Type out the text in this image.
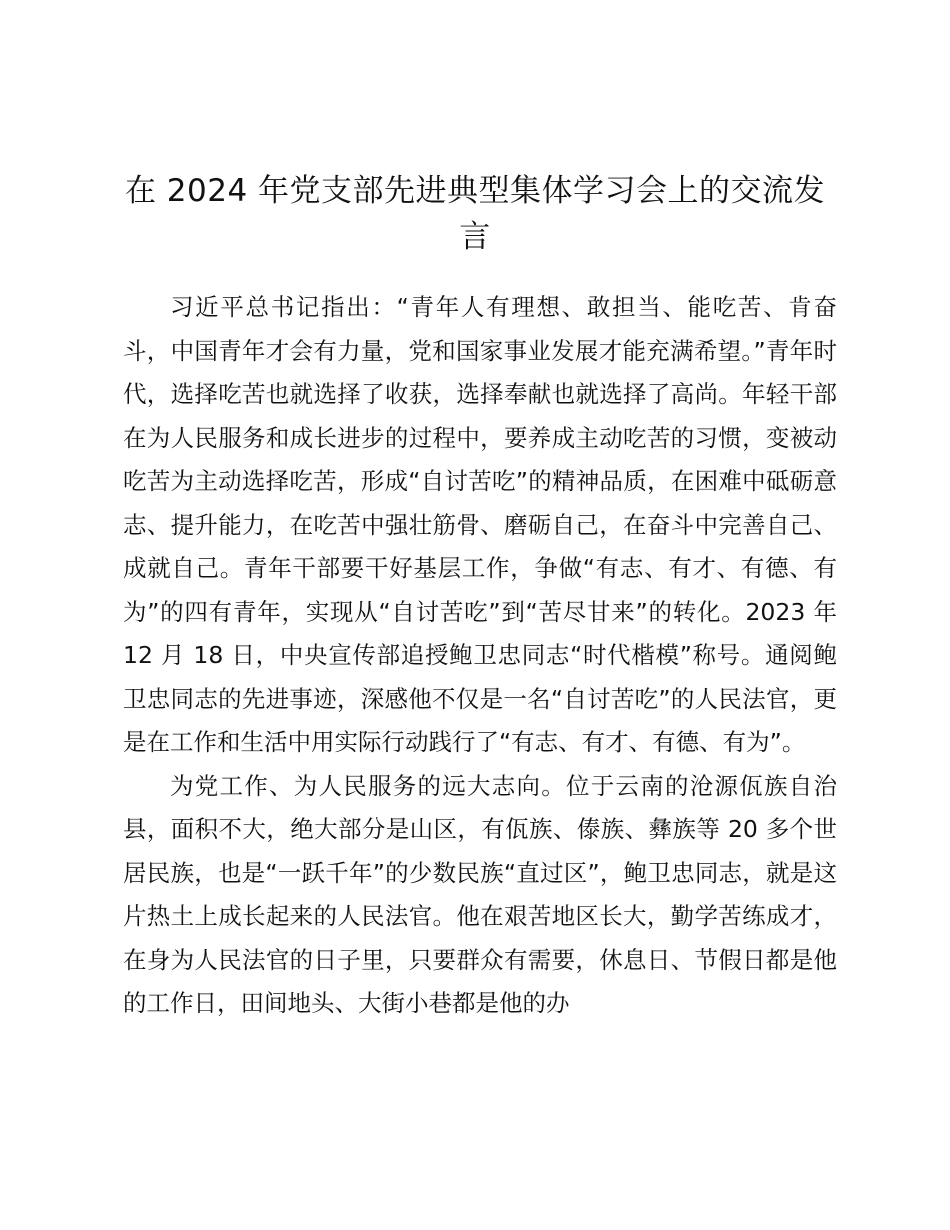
在 2024 年党支部先进典型集体学习会上的交流发言

习近平总书记指出：“青年人有理想、敢担当、能吃苦、肯奋斗，中国青年才会有力量，党和国家事业发展才能充满希望。”青年时代，选择吃苦也就选择了收获，选择奉献也就选择了高尚。年轻干部在为人民服务和成长进步的过程中，要养成主动吃苦的习惯，变被动吃苦为主动选择吃苦，形成“自讨苦吃”的精神品质，在困难中砥砺意志、提升能力，在吃苦中强壮筋骨、磨砺自己，在奋斗中完善自己、成就自己。青年干部要干好基层工作，争做“有志、有才、有德、有为”的四有青年，实现从“自讨苦吃”到“苦尽甘来”的转化。2023 年 12 月 18 日，中央宣传部追授鲍卫忠同志“时代楷模”称号。通阅鲍卫忠同志的先进事迹，深感他不仅是一名“自讨苦吃”的人民法官，更是在工作和生活中用实际行动践行了“有志、有才、有德、有为”。

为党工作、为人民服务的远大志向。位于云南的沧源佤族自治县，面积不大，绝大部分是山区，有佤族、傣族、彝族等 20 多个世居民族，也是“一跃千年”的少数民族“直过区”，鲍卫忠同志，就是这片热土上成长起来的人民法官。他在艰苦地区长大，勤学苦练成才，在身为人民法官的日子里，只要群众有需要，休息日、节假日都是他的工作日，田间地头、大街小巷都是他的办
